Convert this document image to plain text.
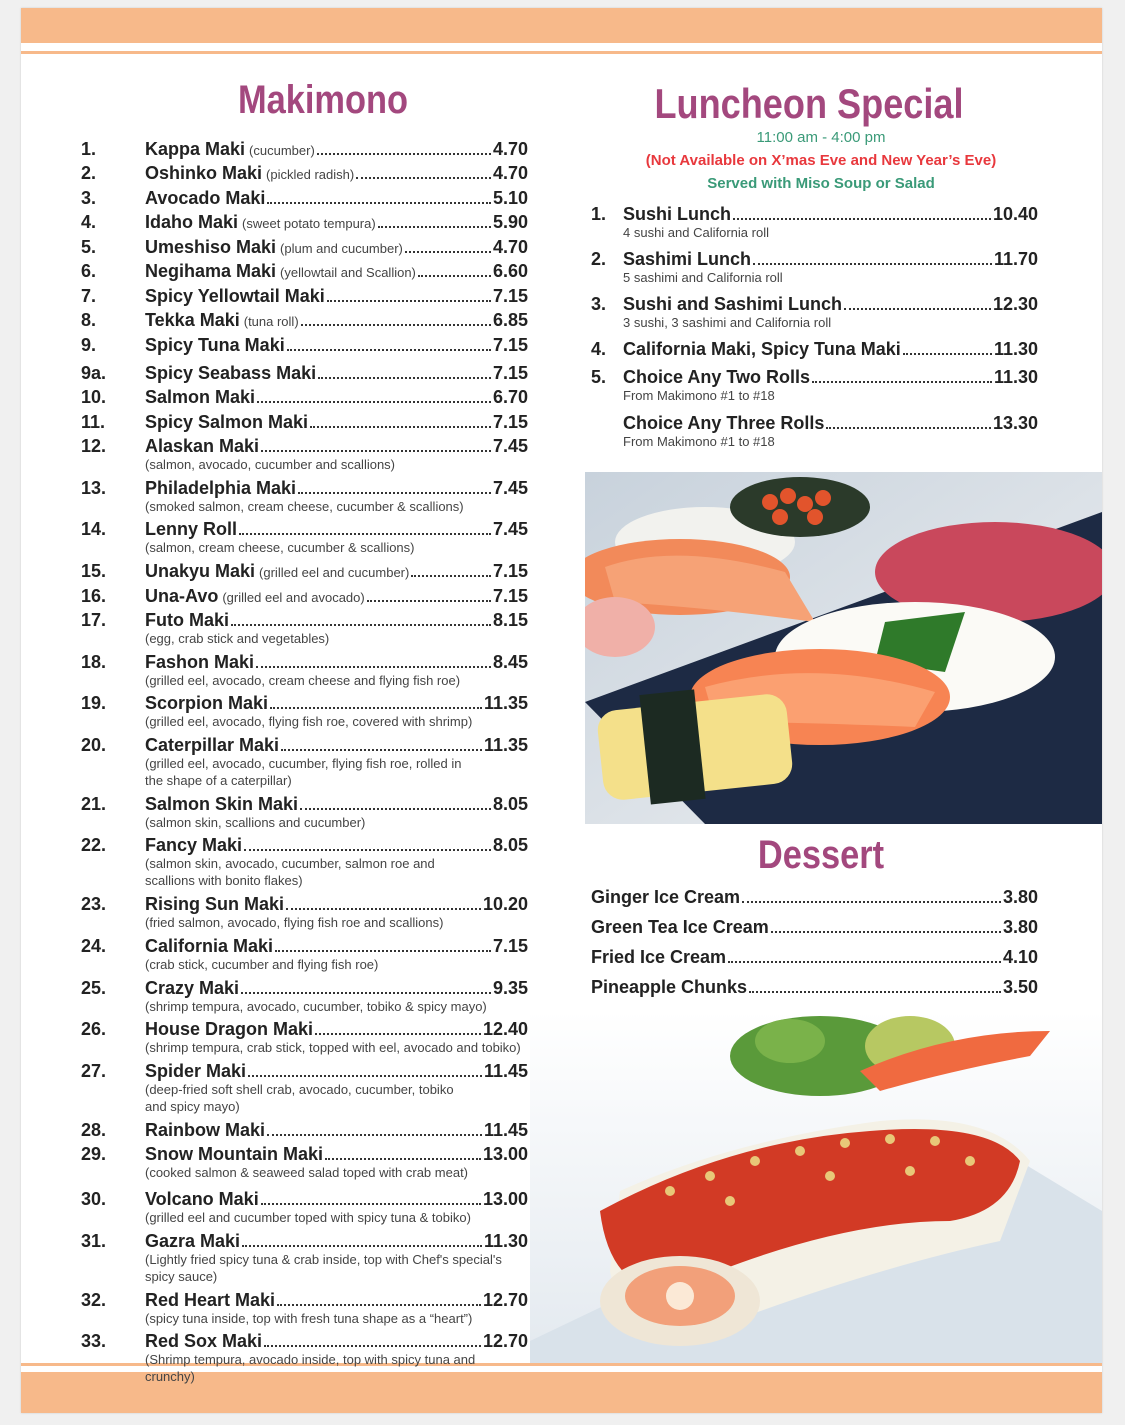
Makimono
1.	Kappa Maki (cucumber)	4.70
2.	Oshinko Maki (pickled radish)	4.70
3.	Avocado Maki	5.10
4.	Idaho Maki (sweet potato tempura)	5.90
5.	Umeshiso Maki (plum and cucumber)	4.70
6.	Negihama Maki (yellowtail and Scallion)	6.60
7.	Spicy Yellowtail Maki	7.15
8.	Tekka Maki (tuna roll)	6.85
9.	Spicy Tuna Maki	7.15
9a. Spicy Seabass Maki	7.15
10. Salmon Maki	6.70
11. Spicy Salmon Maki	7.15
12. Alaskan Maki	7.45
(salmon, avocado, cucumber and scallions)
13. Philadelphia Maki	7.45
(smoked salmon, cream cheese, cucumber & scallions)
14. Lenny Roll	7.45
(salmon, cream cheese, cucumber & scallions)
15. Unakyu Maki (grilled eel and cucumber)	7.15
16. Una-Avo (grilled eel and avocado)	7.15
17. Futo Maki	8.15
(egg, crab stick and vegetables)
18. Fashon Maki	8.45
(grilled eel, avocado, cream cheese and flying fish roe)
19. Scorpion Maki	11.35
(grilled eel, avocado, flying fish roe, covered with shrimp)
20. Caterpillar Maki	11.35
(grilled eel, avocado, cucumber, flying fish roe, rolled in
the shape of a caterpillar)
21. Salmon Skin Maki	8.05
(salmon skin, scallions and cucumber)
22. Fancy Maki	8.05
(salmon skin, avocado, cucumber, salmon roe and
scallions with bonito flakes)
23. Rising Sun Maki	10.20
(fried salmon, avocado, flying fish roe and scallions)
24. California Maki	7.15
(crab stick, cucumber and flying fish roe)
25. Crazy Maki	9.35
(shrimp tempura, avocado, cucumber, tobiko & spicy mayo)
26. House Dragon Maki	12.40
(shrimp tempura, crab stick, topped with eel, avocado and tobiko)
27. Spider Maki	11.45
(deep-fried soft shell crab, avocado, cucumber, tobiko
and spicy mayo)
28. Rainbow Maki	11.45
29. Snow Mountain Maki	13.00
(cooked salmon & seaweed salad toped with crab meat)
30. Volcano Maki	13.00
(grilled eel and cucumber toped with spicy tuna & tobiko)
31. Gazra Maki	11.30
(Lightly fried spicy tuna & crab inside, top with Chef's special's
spicy sauce)
32. Red Heart Maki	12.70
(spicy tuna inside, top with fresh tuna shape as a “heart”)
33. Red Sox Maki	12.70
(Shrimp tempura, avocado inside, top with spicy tuna and crunchy)
Luncheon Special
11:00 am - 4:00 pm
(Not Available on X’mas Eve and New Year’s Eve)
Served with Miso Soup or Salad
1. Sushi Lunch	10.40
4 sushi and California roll
2. Sashimi Lunch	11.70
5 sashimi and California roll
3. Sushi and Sashimi Lunch	12.30
3 sushi, 3 sashimi and California roll
4. California Maki, Spicy Tuna Maki	11.30
5. Choice Any Two Rolls	11.30
From Makimono #1 to #18
Choice Any Three Rolls	13.30
From Makimono #1 to #18
Dessert
Ginger Ice Cream	3.80
Green Tea Ice Cream	3.80
Fried Ice Cream	4.10
Pineapple Chunks	3.50
